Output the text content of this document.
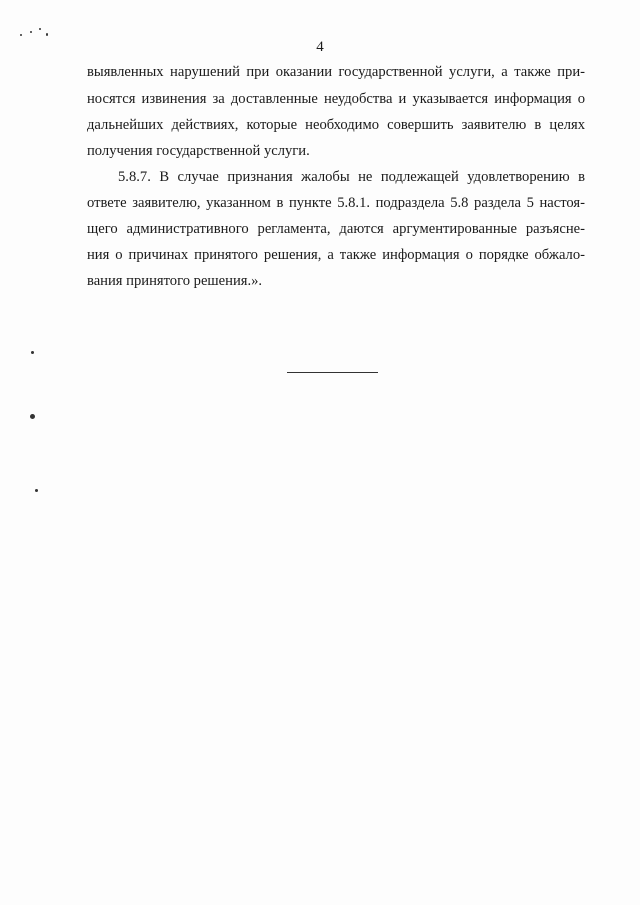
4
выявленных нарушений при оказании государственной услуги, а также при-
носятся извинения за доставленные неудобства и указывается информация о
дальнейших действиях, которые необходимо совершить заявителю в целях
получения государственной услуги.
5.8.7. В случае признания жалобы не подлежащей удовлетворению в
ответе заявителю, указанном в пункте 5.8.1. подраздела 5.8 раздела 5 настоя-
щего административного регламента, даются аргументированные разъясне-
ния о причинах принятого решения, а также информация о порядке обжало-
вания принятого решения.».
